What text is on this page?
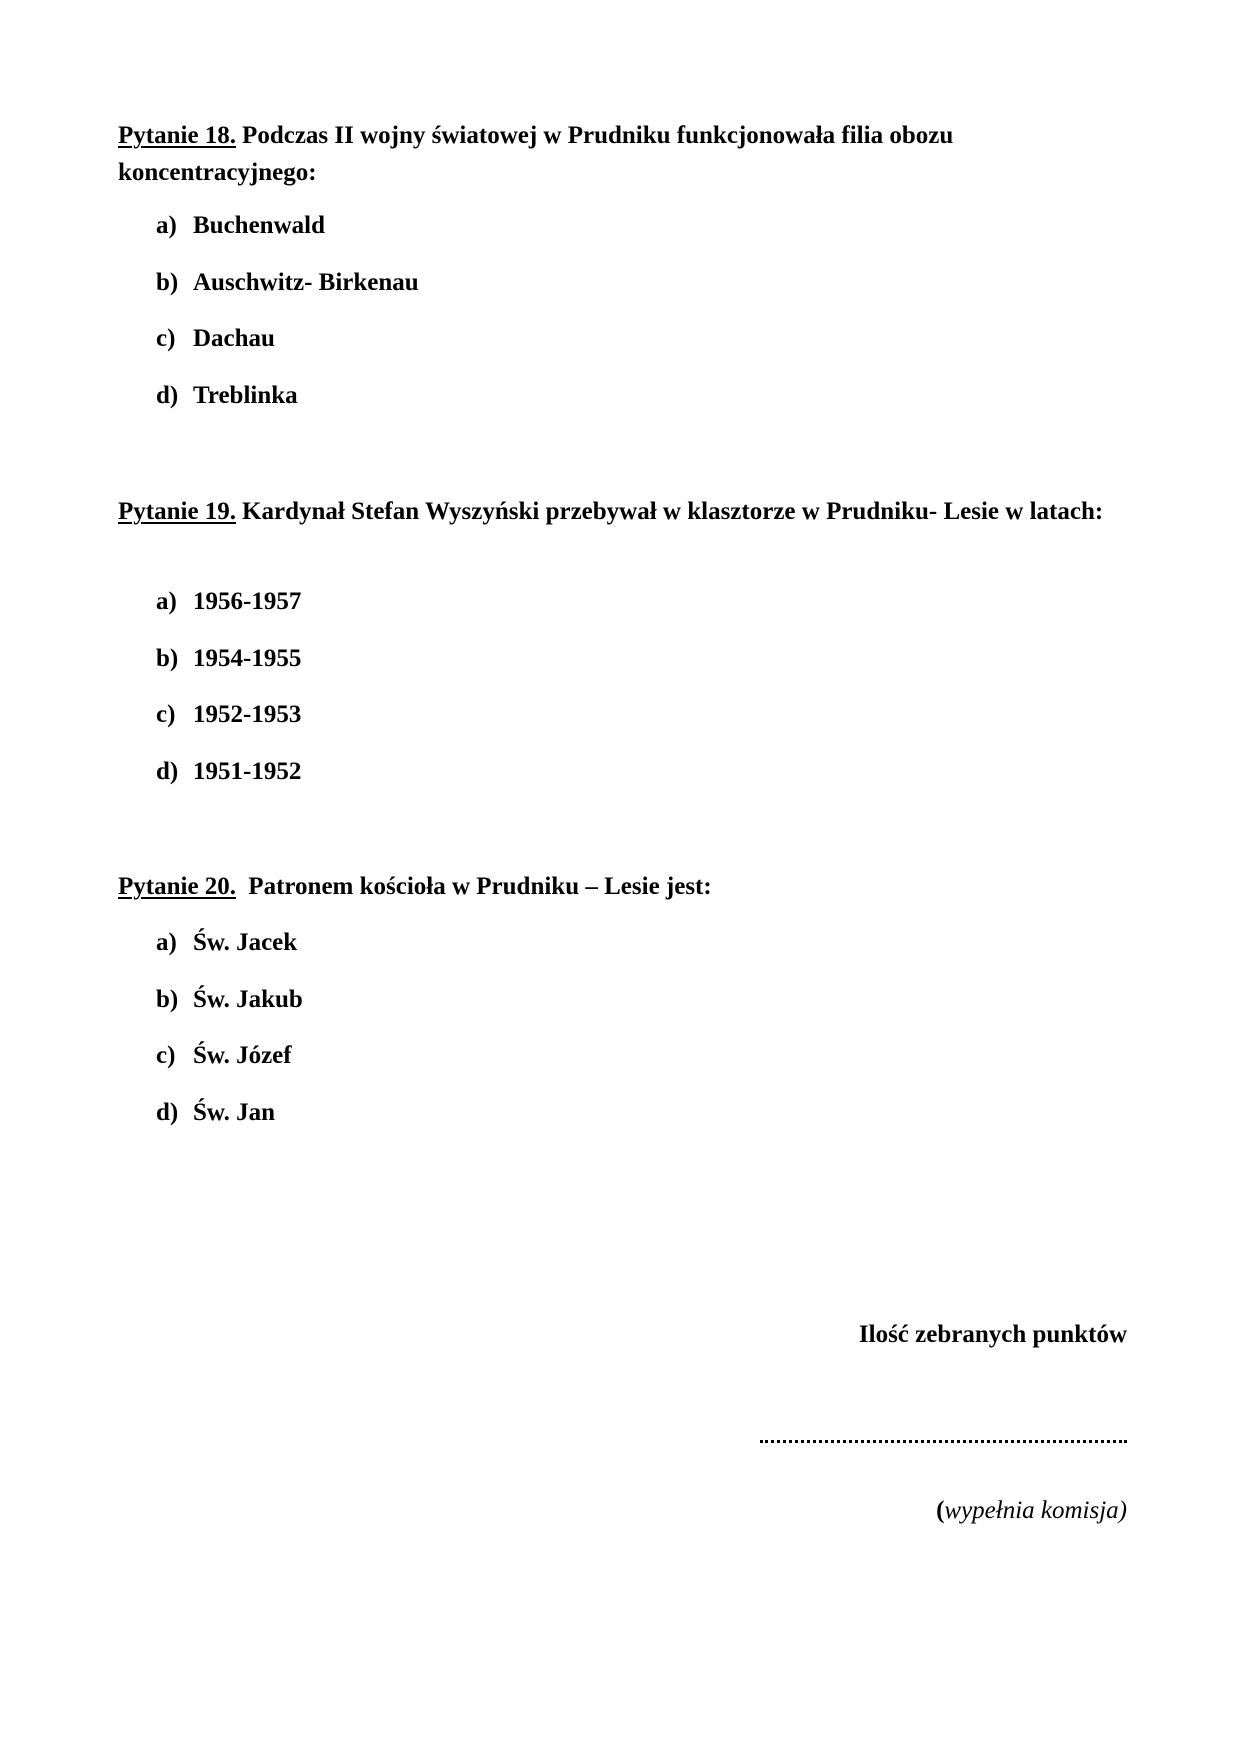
Pytanie 18. Podczas II wojny światowej w Prudniku funkcjonowała filia obozu koncentracyjnego:
a) Buchenwald
b) Auschwitz- Birkenau
c) Dachau
d) Treblinka
Pytanie 19. Kardynał Stefan Wyszyński przebywał w klasztorze w Prudniku- Lesie w latach:
a) 1956-1957
b) 1954-1955
c) 1952-1953
d) 1951-1952
Pytanie 20. Patronem kościoła w Prudniku – Lesie jest:
a) Św. Jacek
b) Św. Jakub
c) Św. Józef
d) Św. Jan
Ilość zebranych punktów
(wypełnia komisja)
